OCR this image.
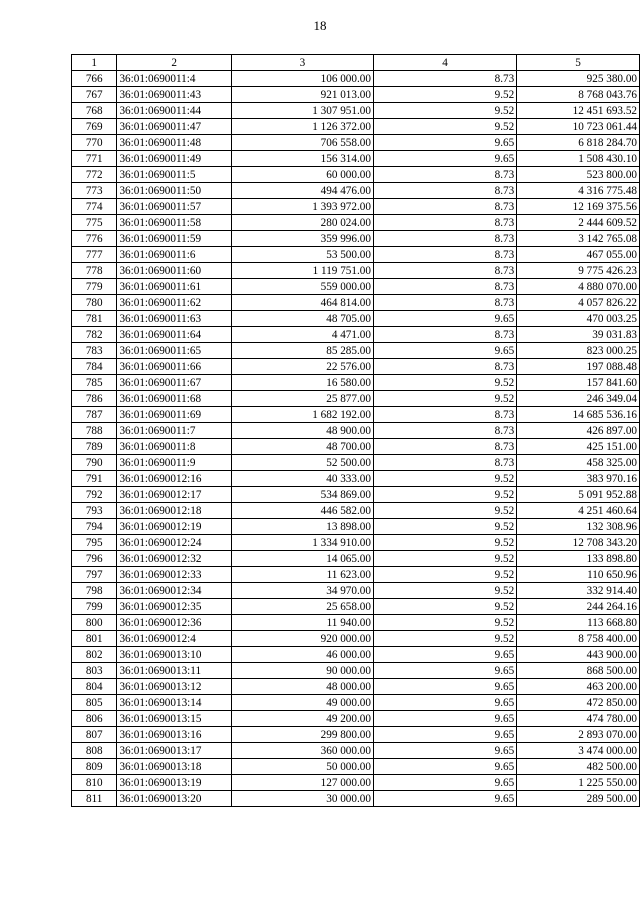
18
1	2	3	4	5
766	36:01:0690011:4	106 000.00	8.73	925 380.00
767	36:01:0690011:43	921 013.00	9.52	8 768 043.76
768	36:01:0690011:44	1 307 951.00	9.52	12 451 693.52
769	36:01:0690011:47	1 126 372.00	9.52	10 723 061.44
770	36:01:0690011:48	706 558.00	9.65	6 818 284.70
771	36:01:0690011:49	156 314.00	9.65	1 508 430.10
772	36:01:0690011:5	60 000.00	8.73	523 800.00
773	36:01:0690011:50	494 476.00	8.73	4 316 775.48
774	36:01:0690011:57	1 393 972.00	8.73	12 169 375.56
775	36:01:0690011:58	280 024.00	8.73	2 444 609.52
776	36:01:0690011:59	359 996.00	8.73	3 142 765.08
777	36:01:0690011:6	53 500.00	8.73	467 055.00
778	36:01:0690011:60	1 119 751.00	8.73	9 775 426.23
779	36:01:0690011:61	559 000.00	8.73	4 880 070.00
780	36:01:0690011:62	464 814.00	8.73	4 057 826.22
781	36:01:0690011:63	48 705.00	9.65	470 003.25
782	36:01:0690011:64	4 471.00	8.73	39 031.83
783	36:01:0690011:65	85 285.00	9.65	823 000.25
784	36:01:0690011:66	22 576.00	8.73	197 088.48
785	36:01:0690011:67	16 580.00	9.52	157 841.60
786	36:01:0690011:68	25 877.00	9.52	246 349.04
787	36:01:0690011:69	1 682 192.00	8.73	14 685 536.16
788	36:01:0690011:7	48 900.00	8.73	426 897.00
789	36:01:0690011:8	48 700.00	8.73	425 151.00
790	36:01:0690011:9	52 500.00	8.73	458 325.00
791	36:01:0690012:16	40 333.00	9.52	383 970.16
792	36:01:0690012:17	534 869.00	9.52	5 091 952.88
793	36:01:0690012:18	446 582.00	9.52	4 251 460.64
794	36:01:0690012:19	13 898.00	9.52	132 308.96
795	36:01:0690012:24	1 334 910.00	9.52	12 708 343.20
796	36:01:0690012:32	14 065.00	9.52	133 898.80
797	36:01:0690012:33	11 623.00	9.52	110 650.96
798	36:01:0690012:34	34 970.00	9.52	332 914.40
799	36:01:0690012:35	25 658.00	9.52	244 264.16
800	36:01:0690012:36	11 940.00	9.52	113 668.80
801	36:01:0690012:4	920 000.00	9.52	8 758 400.00
802	36:01:0690013:10	46 000.00	9.65	443 900.00
803	36:01:0690013:11	90 000.00	9.65	868 500.00
804	36:01:0690013:12	48 000.00	9.65	463 200.00
805	36:01:0690013:14	49 000.00	9.65	472 850.00
806	36:01:0690013:15	49 200.00	9.65	474 780.00
807	36:01:0690013:16	299 800.00	9.65	2 893 070.00
808	36:01:0690013:17	360 000.00	9.65	3 474 000.00
809	36:01:0690013:18	50 000.00	9.65	482 500.00
810	36:01:0690013:19	127 000.00	9.65	1 225 550.00
811	36:01:0690013:20	30 000.00	9.65	289 500.00
